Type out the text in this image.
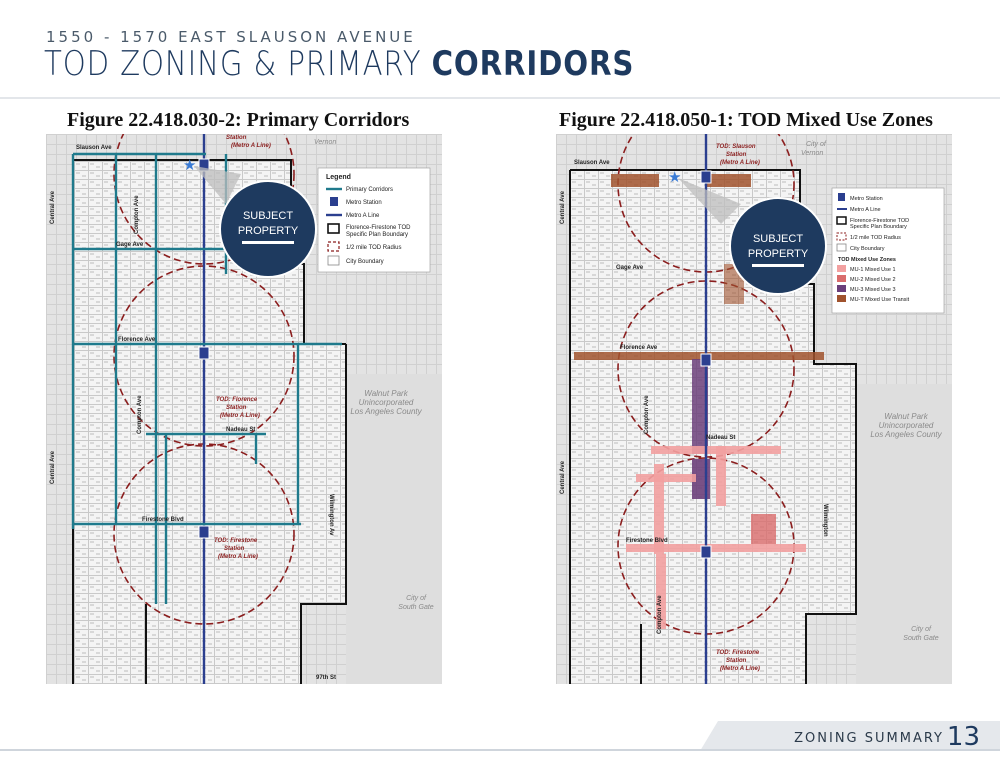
1550 - 1570 EAST SLAUSON AVENUE
TOD ZONING & PRIMARY CORRIDORS
Figure 22.418.030-2: Primary Corridors
★
Slauson Ave
Gage Ave
Florence Ave
Nadeau St
Firestone Blvd
Central Ave
Central Ave
Compton Ave
Compton Ave
Wilmington Av
97th St
Vernon
Station
(Metro A Line)
TOD: Florence
Station
(Metro A Line)
TOD: Firestone
Station
(Metro A Line)
Walnut Park
Unincorporated
Los Angeles County
City of
South Gate
Legend
Primary Corridors
Metro Station
Metro A Line
Florence-Firestone TOD
Specific Plan Boundary
1/2 mile TOD Radius
City Boundary
SUBJECT
PROPERTY
Figure 22.418.050-1: TOD Mixed Use Zones
★
Slauson Ave
Gage Ave
Florence Ave
Nadeau St
Firestone Blvd
Central Ave
Central Ave
Compton Ave
Compton Ave
Wilmington
TOD: Slauson
Station
(Metro A Line)
TOD: Firestone
Station
(Metro A Line)
City of
Vernon
Walnut Park
Unincorporated
Los Angeles County
City of
South Gate
Metro Station
Metro A Line
Florence-Firestone TOD
Specific Plan Boundary
1/2 mile TOD Radius
City Boundary
TOD Mixed Use Zones
MU-1 Mixed Use 1
MU-2 Mixed Use 2
MU-3 Mixed Use 3
MU-T Mixed Use Transit
SUBJECT
PROPERTY
ZONING SUMMARY 13
